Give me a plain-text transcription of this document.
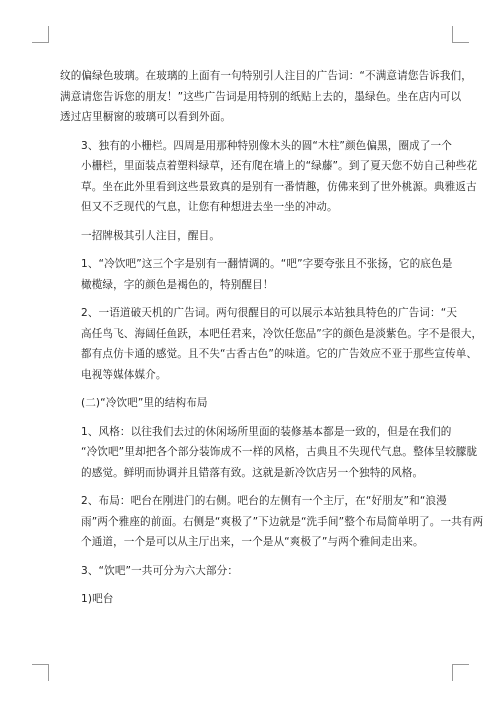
纹的偏绿色玻璃。在玻璃的上面有一句特别引人注目的广告词：“不满意请您告诉我们，
满意请您告诉您的朋友！”这些广告词是用特别的纸贴上去的，墨绿色。坐在店内可以
透过店里橱窗的玻璃可以看到外面。

3、独有的小栅栏。四周是用那种特别像木头的圆“木柱”颜色偏黑，圈成了一个
小栅栏，里面装点着塑料绿草，还有爬在墙上的“绿藤”。到了夏天您不妨自己种些花
草。坐在此外里看到这些景致真的是别有一番情趣，仿佛来到了世外桃源。典雅返古
但又不乏现代的气息，让您有种想进去坐一坐的冲动。

一招牌极其引人注目，醒目。

1、“冷饮吧”这三个字是别有一翻情调的。“吧”字要夸张且不张扬，它的底色是
橄榄绿，字的颜色是褐色的，特别醒目！

2、一语道破天机的广告词。两句很醒目的可以展示本站独具特色的广告词：“天
高任鸟飞、海阔任鱼跃，本吧任君来，冷饮任您品”字的颜色是淡紫色。字不是很大，
都有点仿卡通的感觉。且不失“古香古色”的味道。它的广告效应不亚于那些宣传单、
电视等媒体媒介。

(二)“冷饮吧”里的结构布局

1、风格：以往我们去过的休闲场所里面的装修基本都是一致的，但是在我们的
“冷饮吧”里却把各个部分装饰成不一样的风格，古典且不失现代气息。整体呈较朦胧
的感觉。鲜明而协调并且错落有致。这就是新冷饮店另一个独特的风格。

2、布局：吧台在刚进门的右侧。吧台的左侧有一个主厅，在“好朋友”和“浪漫
雨”两个雅座的前面。右侧是“爽极了”下边就是“洗手间”整个布局简单明了。一共有两
个通道，一个是可以从主厅出来，一个是从“爽极了”与两个雅间走出来。

3、“饮吧”一共可分为六大部分：

1)吧台
